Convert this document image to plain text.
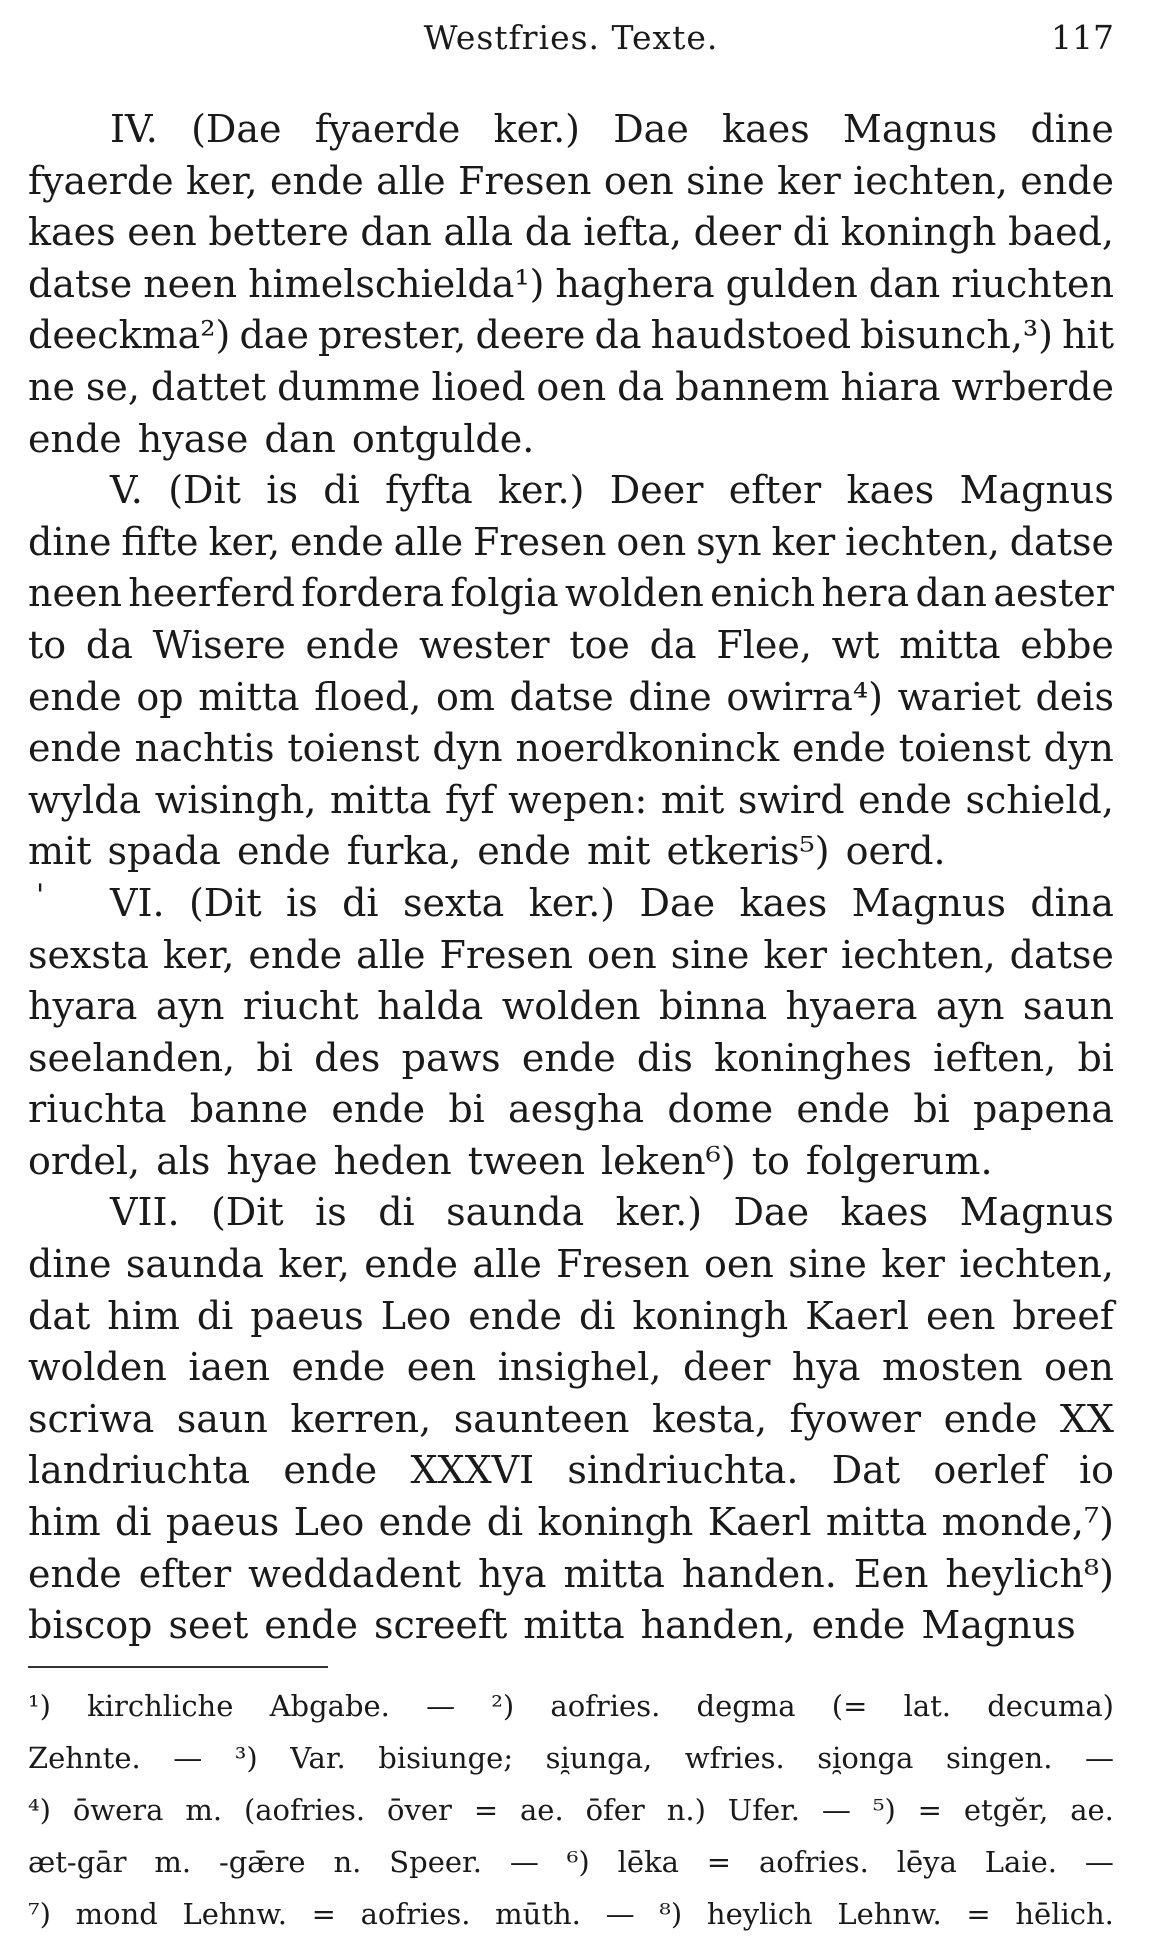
Westfries. Texte.	117
IV. (Dae fyaerde ker.) Dae kaes Magnus dine
fyaerde ker, ende alle Fresen oen sine ker iechten, ende
kaes een bettere dan alla da iefta, deer di koningh baed,
datse neen himelschielda¹) haghera gulden dan riuchten
deeckma²) dae prester, deere da haudstoed bisunch,³) hit
ne se, dattet dumme lioed oen da bannem hiara wrberde
ende hyase dan ontgulde.
V. (Dit is di fyfta ker.) Deer efter kaes Magnus
dine fifte ker, ende alle Fresen oen syn ker iechten, datse
neen heerferd fordera folgia wolden enich hera dan aester
to da Wisere ende wester toe da Flee, wt mitta ebbe
ende op mitta floed, om datse dine owirra⁴) wariet deis
ende nachtis toienst dyn noerdkoninck ende toienst dyn
wylda wisingh, mitta fyf wepen: mit swird ende schield,
mit spada ende furka, ende mit etkeris⁵) oerd.
VI. (Dit is di sexta ker.) Dae kaes Magnus dina
'
sexsta ker, ende alle Fresen oen sine ker iechten, datse
hyara ayn riucht halda wolden binna hyaera ayn saun
seelanden, bi des paws ende dis koninghes ieften, bi
riuchta banne ende bi aesgha dome ende bi papena
ordel, als hyae heden tween leken⁶) to folgerum.
VII. (Dit is di saunda ker.) Dae kaes Magnus
dine saunda ker, ende alle Fresen oen sine ker iechten,
dat him di paeus Leo ende di koningh Kaerl een breef
wolden iaen ende een insighel, deer hya mosten oen
scriwa saun kerren, saunteen kesta, fyower ende XX
landriuchta ende XXXVI sindriuchta. Dat oerlef io
him di paeus Leo ende di koningh Kaerl mitta monde,⁷)
ende efter weddadent hya mitta handen. Een heylich⁸)
biscop seet ende screeft mitta handen, ende Magnus
¹) kirchliche Abgabe. — ²) aofries. degma (= lat. decuma)
Zehnte. — ³) Var. bisiunge; si̯unga, wfries. si̯onga singen. —
⁴) ōwera m. (aofries. ōver = ae. ōfer n.) Ufer. — ⁵) = etgĕr, ae.
æt-gār m. -gǣre n. Speer. — ⁶) lēka = aofries. lēya Laie. —
⁷) mond Lehnw. = aofries. mūth. — ⁸) heylich Lehnw. = hēlich.
